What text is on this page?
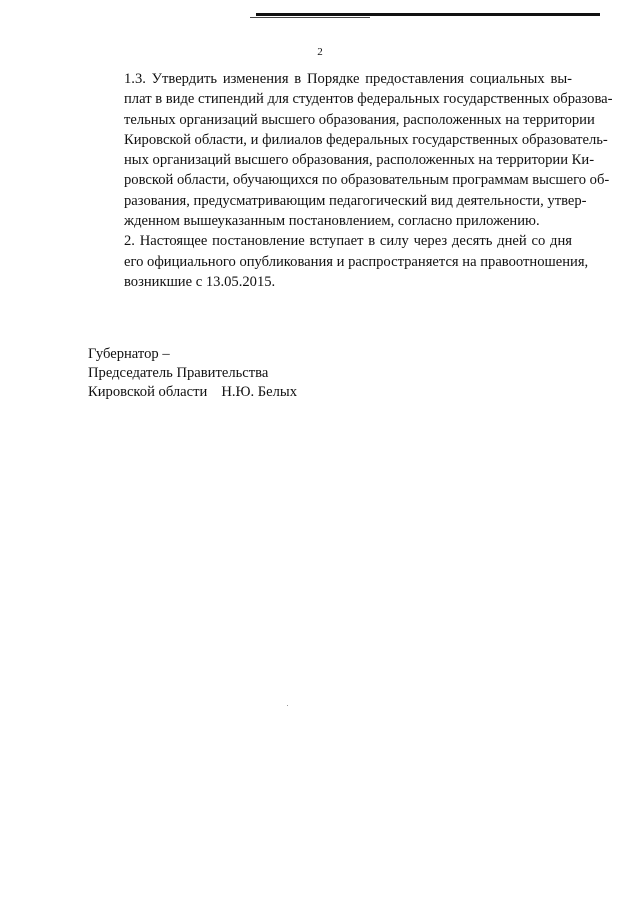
2

1.3. Утвердить изменения в Порядке предоставления социальных вы-
плат в виде стипендий для студентов федеральных государственных образова-
тельных организаций высшего образования, расположенных на территории
Кировской области, и филиалов федеральных государственных образователь-
ных организаций высшего образования, расположенных на территории Ки-
ровской области, обучающихся по образовательным программам высшего об-
разования, предусматривающим педагогический вид деятельности, утвер-
жденном вышеуказанным постановлением, согласно приложению.

2. Настоящее постановление вступает в силу через десять дней со дня
его официального опубликования и распространяется на правоотношения,
возникшие с 13.05.2015.

Губернатор –
Председатель Правительства
Кировской области Н.Ю. Белых
